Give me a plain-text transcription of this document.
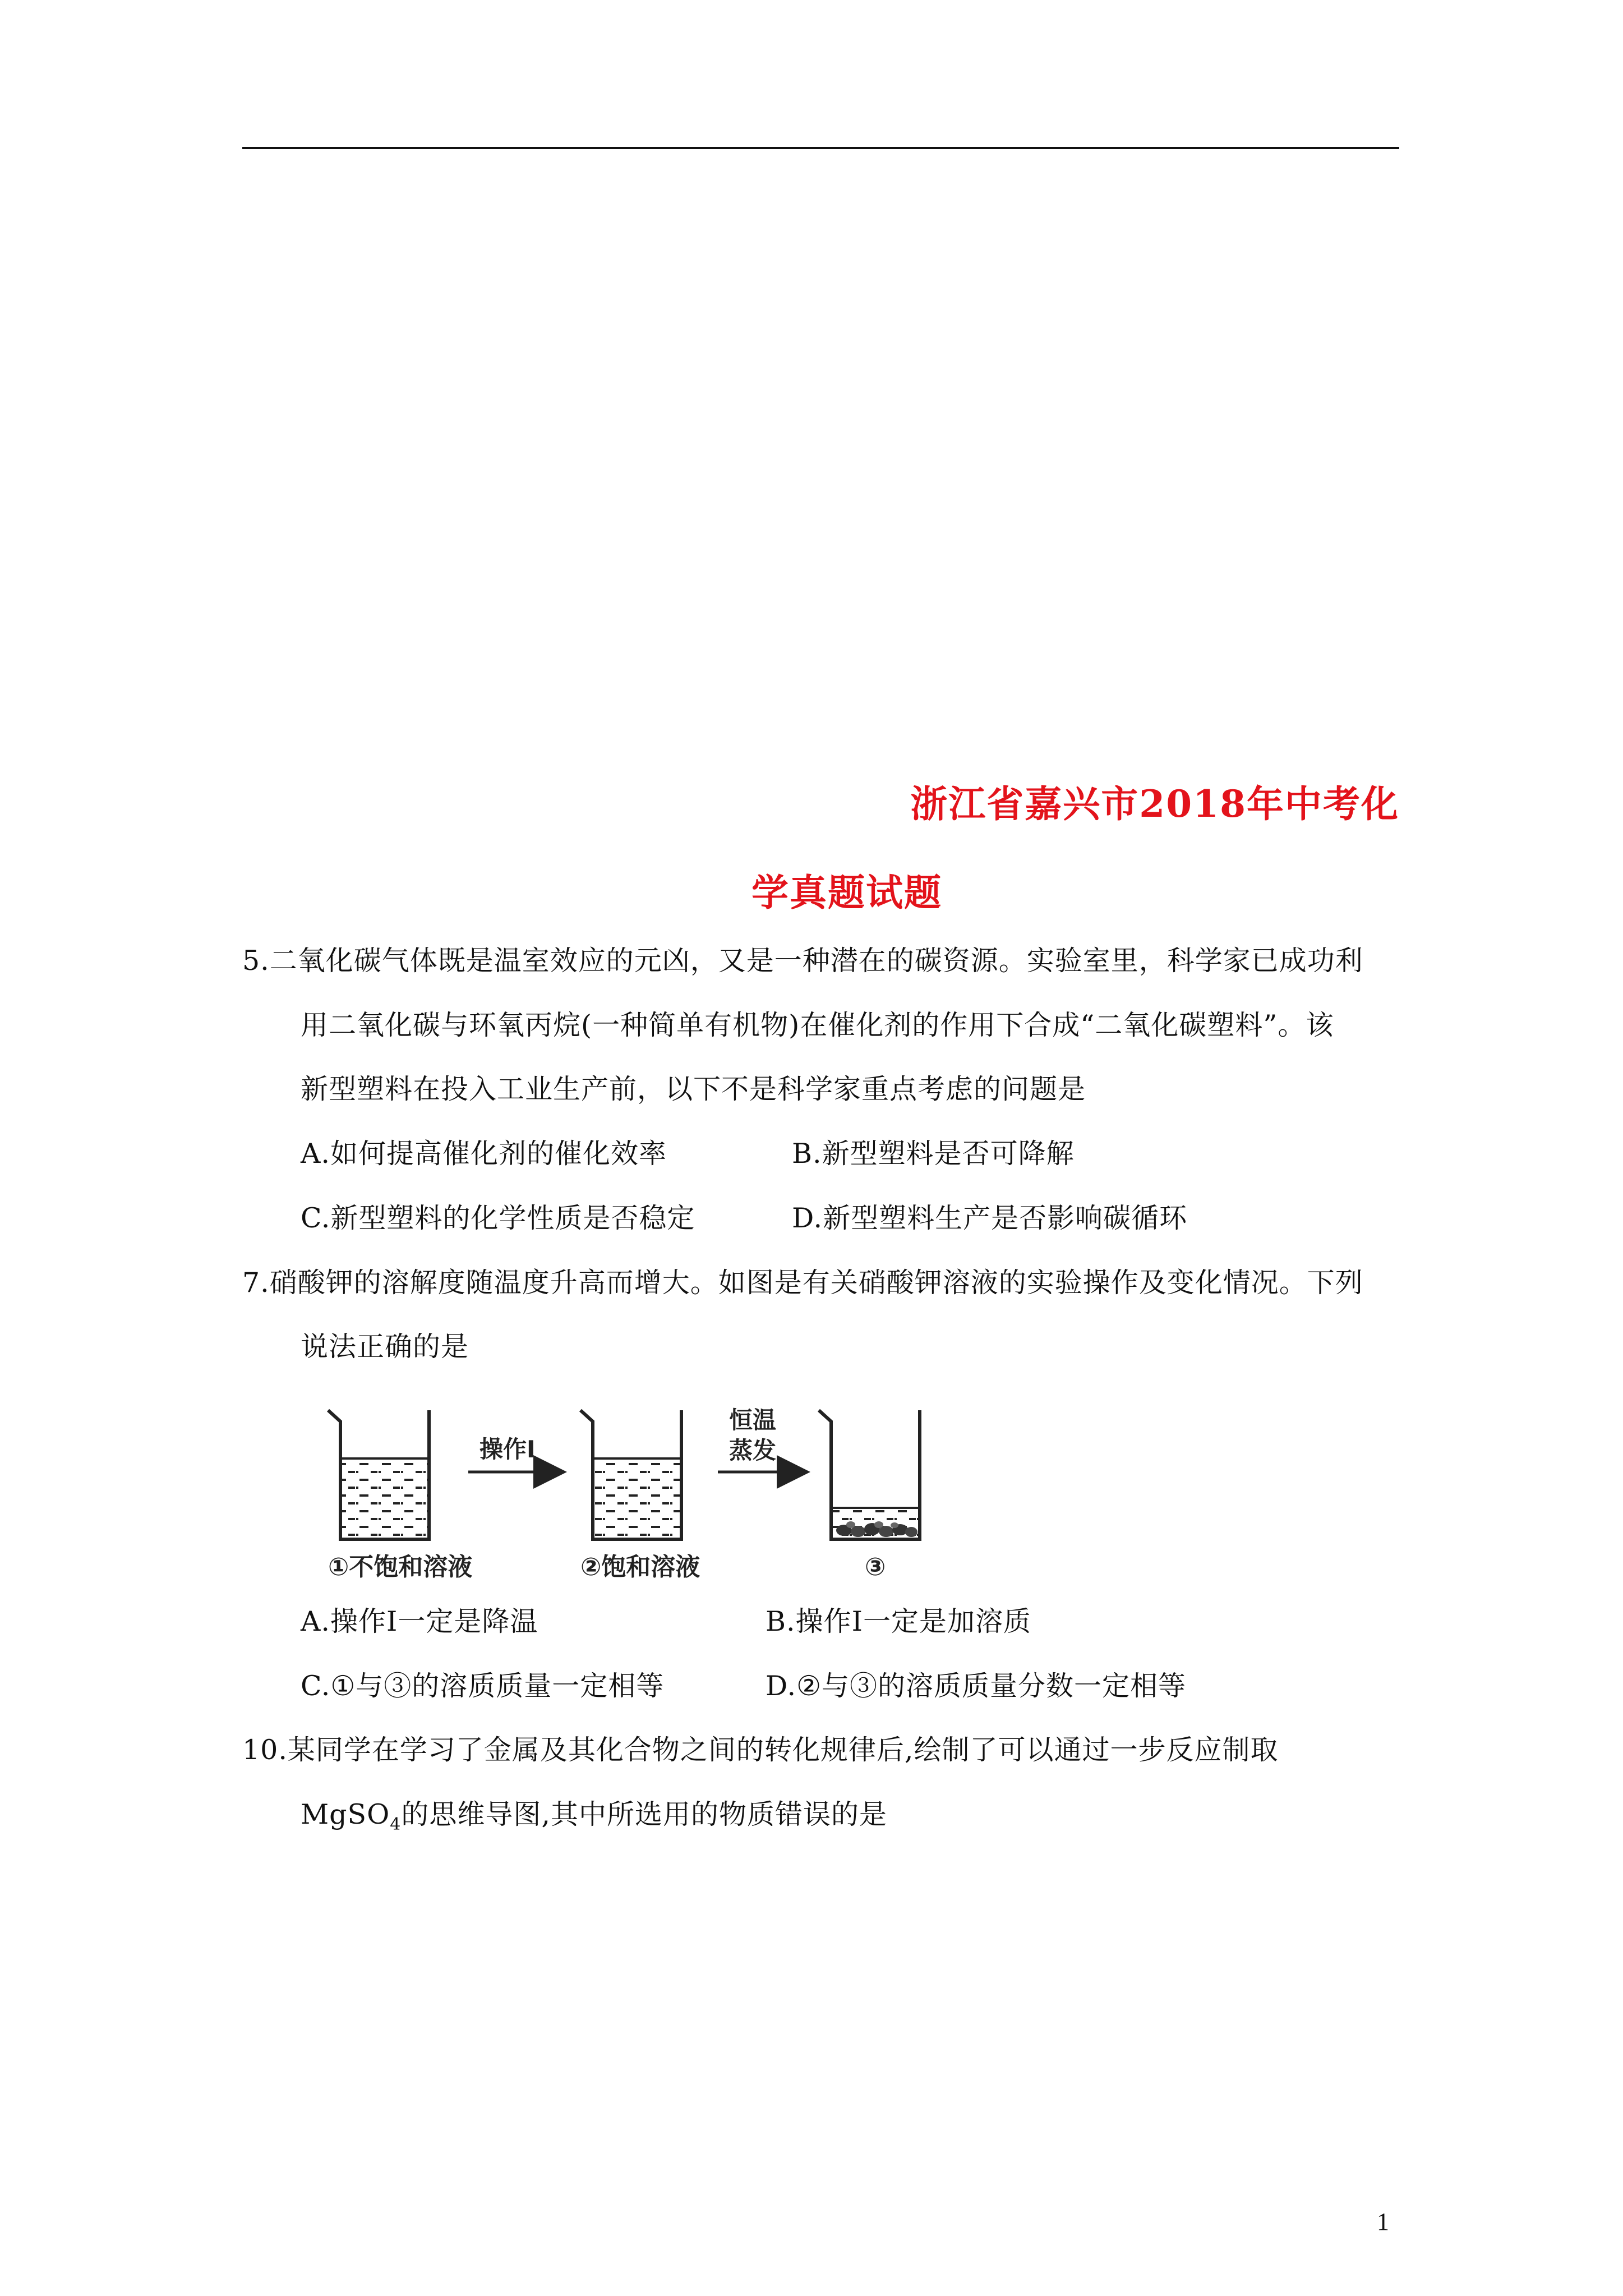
浙江省嘉兴市2018年中考化
学真题试题
5.二氧化碳气体既是温室效应的元凶，又是一种潜在的碳资源。实验室里，科学家已成功利
用二氧化碳与环氧丙烷(一种简单有机物)在催化剂的作用下合成“二氧化碳塑料”。该
新型塑料在投入工业生产前，以下不是科学家重点考虑的问题是
A.如何提高催化剂的催化效率	B.新型塑料是否可降解
C.新型塑料的化学性质是否稳定	D.新型塑料生产是否影响碳循环
7.硝酸钾的溶解度随温度升高而增大。如图是有关硝酸钾溶液的实验操作及变化情况。下列
说法正确的是
①不饱和溶液
操作Ⅰ
②饱和溶液
恒温
蒸发
③
A.操作Ⅰ一定是降温	B.操作Ⅰ一定是加溶质
C.①与③的溶质质量一定相等	D.②与③的溶质质量分数一定相等
10.某同学在学习了金属及其化合物之间的转化规律后,绘制了可以通过一步反应制取
MgSO$_4$的思维导图,其中所选用的物质错误的是
1
